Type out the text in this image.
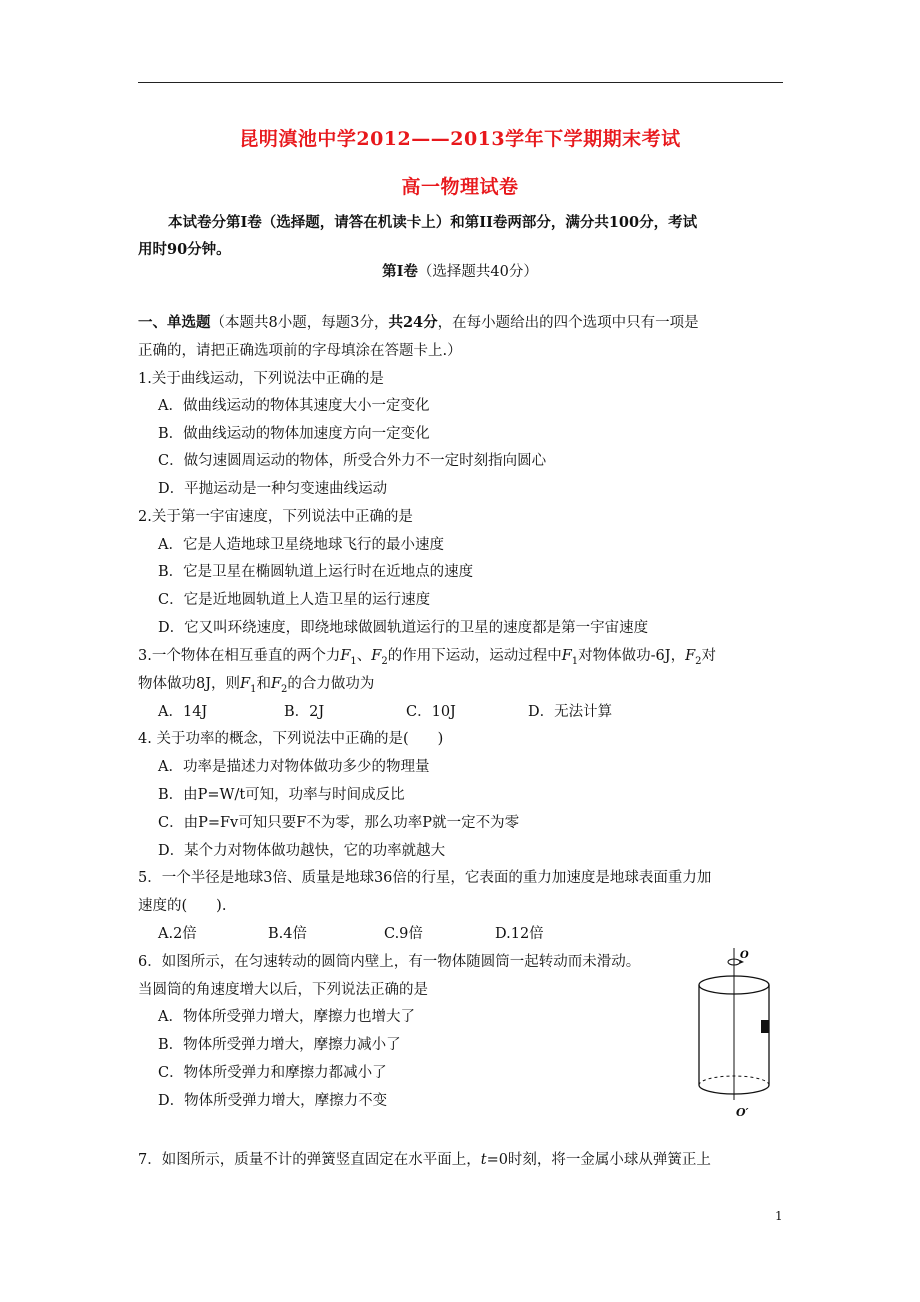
昆明滇池中学2012——2013学年下学期期末考试
高一物理试卷
本试卷分第Ⅰ卷（选择题，请答在机读卡上）和第II卷两部分，满分共100分，考试
用时90分钟。
第Ⅰ卷（选择题共40分）
一、单选题（本题共8小题，每题3分，共24分，在每小题给出的四个选项中只有一项是
正确的，请把正确选项前的字母填涂在答题卡上.）
1.关于曲线运动，下列说法中正确的是
A．做曲线运动的物体其速度大小一定变化
B．做曲线运动的物体加速度方向一定变化
C．做匀速圆周运动的物体，所受合外力不一定时刻指向圆心
D．平抛运动是一种匀变速曲线运动
2.关于第一宇宙速度，下列说法中正确的是
A．它是人造地球卫星绕地球飞行的最小速度
B．它是卫星在椭圆轨道上运行时在近地点的速度
C．它是近地圆轨道上人造卫星的运行速度
D．它又叫环绕速度，即绕地球做圆轨道运行的卫星的速度都是第一宇宙速度
3.一个物体在相互垂直的两个力$F_1$、$F_2$的作用下运动，运动过程中$F_1$对物体做功-6J，$F_2$对
物体做功8J，则$F_1$和$F_2$的合力做功为
A．14J	B．2J	C．10J	D．无法计算
4. 关于功率的概念，下列说法中正确的是(　　)
A．功率是描述力对物体做功多少的物理量
B．由P=W/t可知，功率与时间成反比
C．由P=Fv可知只要F不为零，那么功率P就一定不为零
D．某个力对物体做功越快，它的功率就越大
5．一个半径是地球3倍、质量是地球36倍的行星，它表面的重力加速度是地球表面重力加
速度的(　　).
A.2倍	B.4倍	C.9倍	D.12倍
6．如图所示，在匀速转动的圆筒内壁上，有一物体随圆筒一起转动而未滑动。
当圆筒的角速度增大以后，下列说法正确的是
A．物体所受弹力增大，摩擦力也增大了
B．物体所受弹力增大，摩擦力减小了
C．物体所受弹力和摩擦力都减小了
D．物体所受弹力增大，摩擦力不变
O
O′
7．如图所示，质量不计的弹簧竖直固定在水平面上，t=0时刻，将一金属小球从弹簧正上
1
